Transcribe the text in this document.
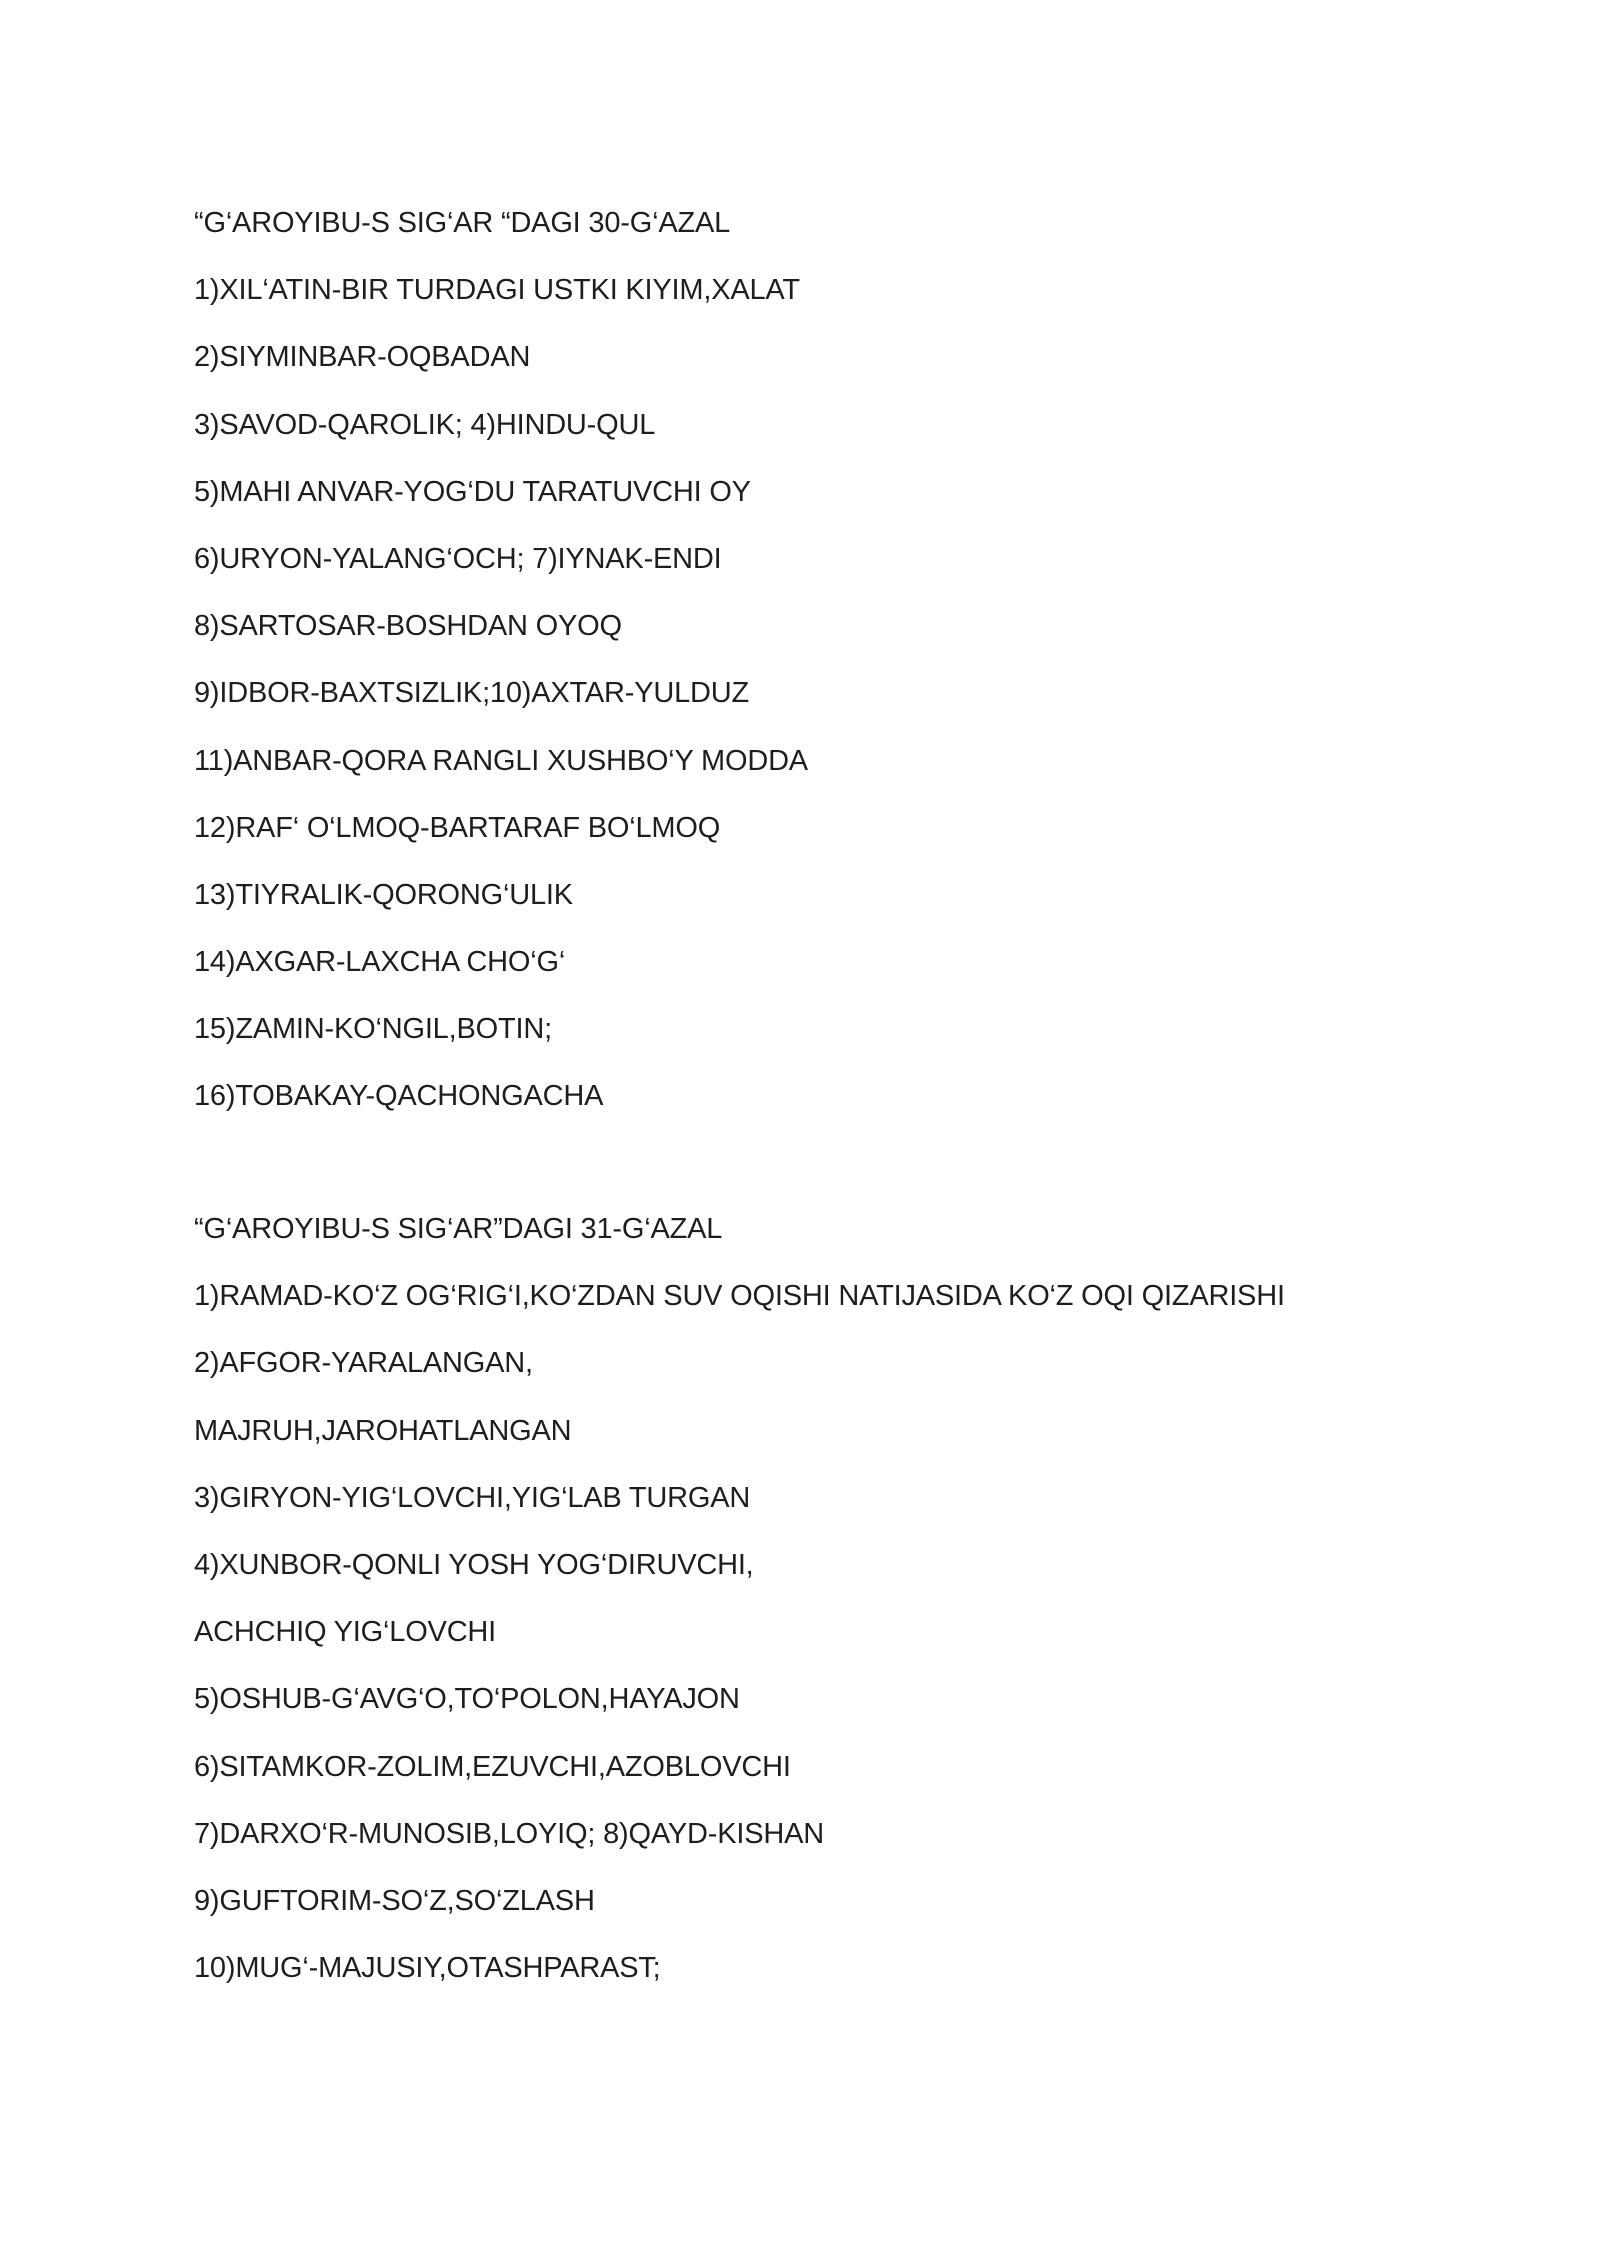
“G‘AROYIBU-S SIG‘AR “DAGI 30-G‘AZAL
1)XIL‘ATIN-BIR TURDAGI USTKI KIYIM,XALAT
2)SIYMINBAR-OQBADAN
3)SAVOD-QAROLIK; 4)HINDU-QUL
5)MAHI ANVAR-YOG‘DU TARATUVCHI OY
6)URYON-YALANG‘OCH; 7)IYNAK-ENDI
8)SARTOSAR-BOSHDAN OYOQ
9)IDBOR-BAXTSIZLIK;10)AXTAR-YULDUZ
11)ANBAR-QORA RANGLI XUSHBO‘Y MODDA
12)RAF‘ O‘LMOQ-BARTARAF BO‘LMOQ
13)TIYRALIK-QORONG‘ULIK
14)AXGAR-LAXCHA CHO‘G‘
15)ZAMIN-KO‘NGIL,BOTIN;
16)TOBAKAY-QACHONGACHA
“G‘AROYIBU-S SIG‘AR”DAGI 31-G‘AZAL
1)RAMAD-KO‘Z OG‘RIG‘I,KO‘ZDAN SUV OQISHI NATIJASIDA KO‘Z OQI QIZARISHI
2)AFGOR-YARALANGAN,
MAJRUH,JAROHATLANGAN
3)GIRYON-YIG‘LOVCHI,YIG‘LAB TURGAN
4)XUNBOR-QONLI YOSH YOG‘DIRUVCHI,
ACHCHIQ YIG‘LOVCHI
5)OSHUB-G‘AVG‘O,TO‘POLON,HAYAJON
6)SITAMKOR-ZOLIM,EZUVCHI,AZOBLOVCHI
7)DARXO‘R-MUNOSIB,LOYIQ; 8)QAYD-KISHAN
9)GUFTORIM-SO‘Z,SO‘ZLASH
10)MUG‘-MAJUSIY,OTASHPARAST;
